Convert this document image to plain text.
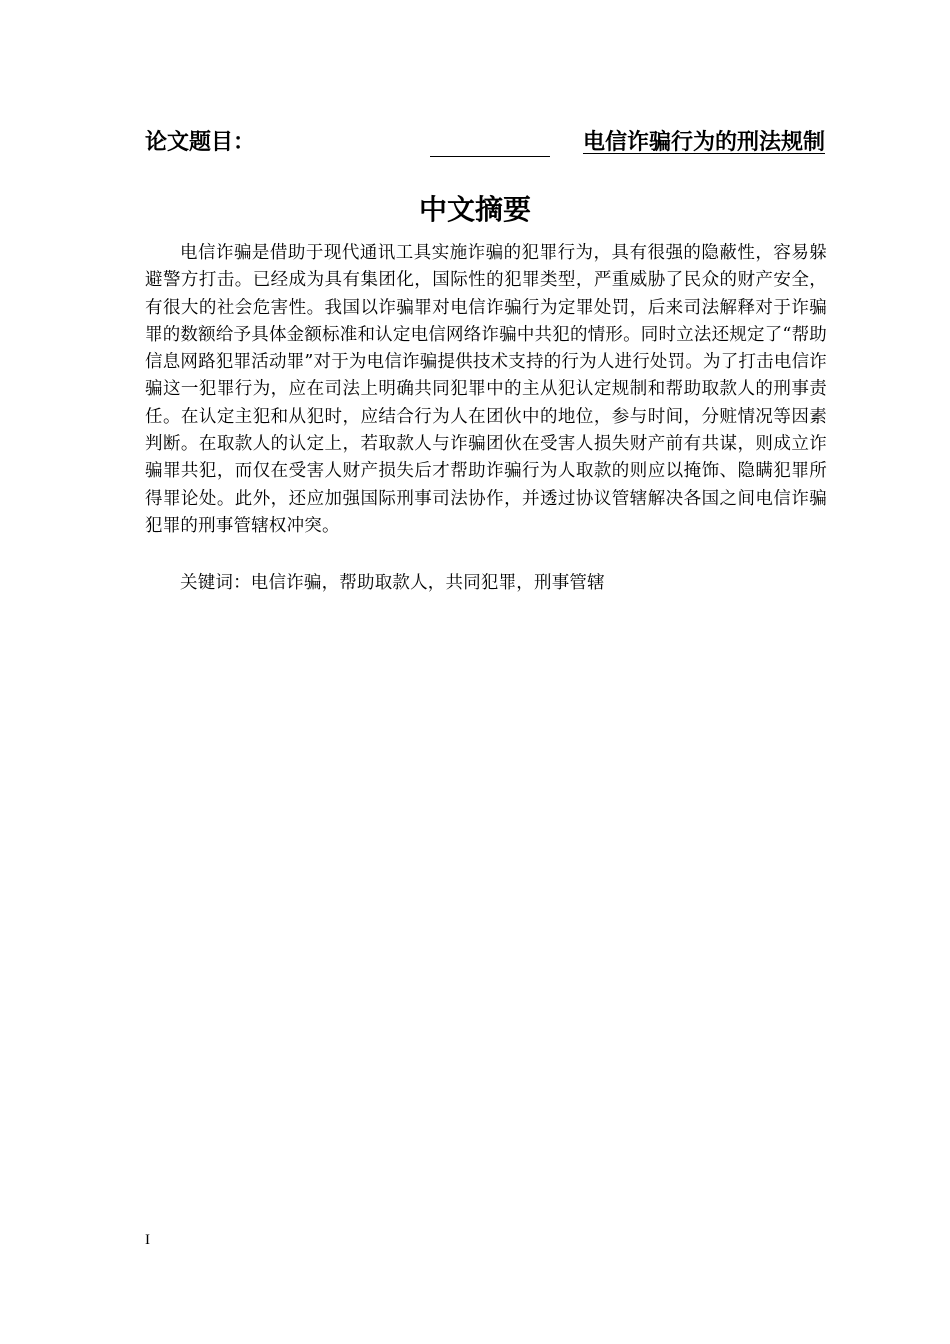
论文题目：	电信诈骗行为的刑法规制
中文摘要
电信诈骗是借助于现代通讯工具实施诈骗的犯罪行为，具有很强的隐蔽性，容易躲避警方打击。已经成为具有集团化，国际性的犯罪类型，严重威胁了民众的财产安全，有很大的社会危害性。我国以诈骗罪对电信诈骗行为定罪处罚，后来司法解释对于诈骗罪的数额给予具体金额标准和认定电信网络诈骗中共犯的情形。同时立法还规定了“帮助信息网路犯罪活动罪”对于为电信诈骗提供技术支持的行为人进行处罚。为了打击电信诈骗这一犯罪行为，应在司法上明确共同犯罪中的主从犯认定规制和帮助取款人的刑事责任。在认定主犯和从犯时，应结合行为人在团伙中的地位，参与时间，分赃情况等因素判断。在取款人的认定上，若取款人与诈骗团伙在受害人损失财产前有共谋，则成立诈骗罪共犯，而仅在受害人财产损失后才帮助诈骗行为人取款的则应以掩饰、隐瞒犯罪所得罪论处。此外，还应加强国际刑事司法协作，并透过协议管辖解决各国之间电信诈骗犯罪的刑事管辖权冲突。
关键词：电信诈骗，帮助取款人，共同犯罪，刑事管辖
I
